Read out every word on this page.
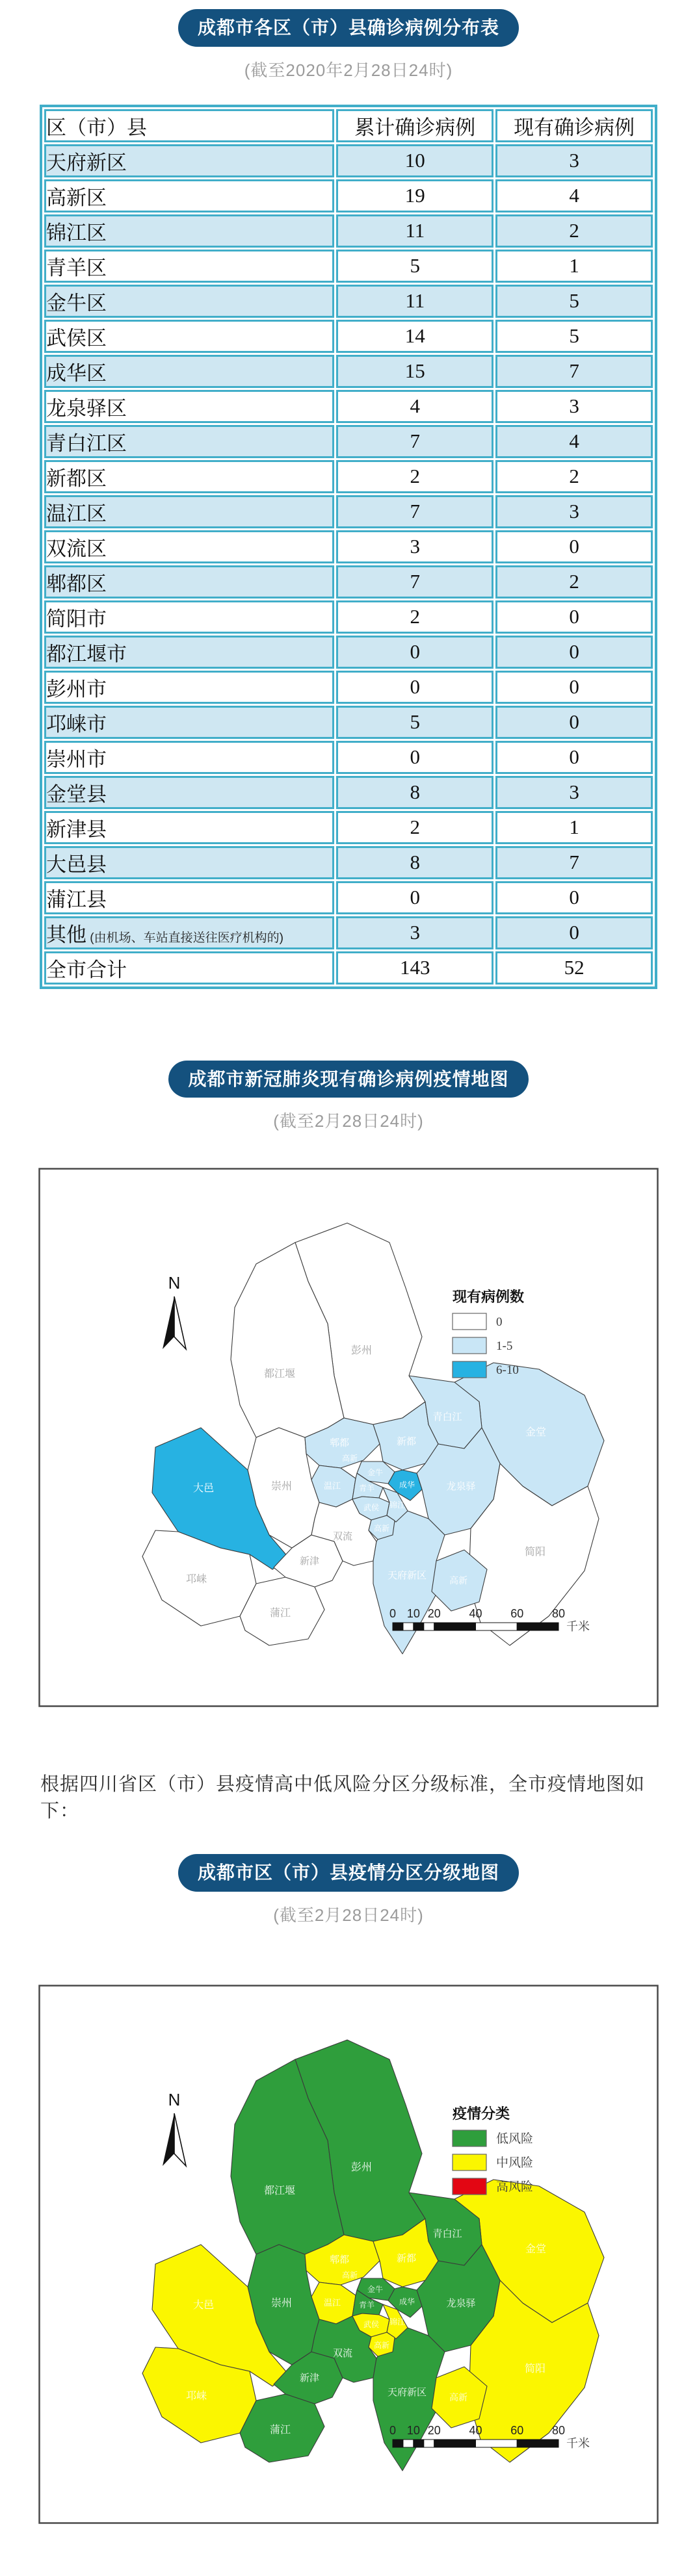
成都市各区（市）县确诊病例分布表
(截至2020年2月28日24时)
区（市）县	累计确诊病例	现有确诊病例
天府新区	10	3
高新区	19	4
锦江区	11	2
青羊区	5	1
金牛区	11	5
武侯区	14	5
成华区	15	7
龙泉驿区	4	3
青白江区	7	4
新都区	2	2
温江区	7	3
双流区	3	0
郫都区	7	2
简阳市	2	0
都江堰市	0	0
彭州市	0	0
邛崃市	5	0
崇州市	0	0
金堂县	8	3
新津县	2	1
大邑县	8	7
蒲江县	0	0
其他 (由机场、车站直接送往医疗机构的)	3	0
全市合计	143	52
成都市新冠肺炎现有确诊病例疫情地图
(截至2月28日24时)
彭州
都江堰
金堂
简阳
崇州
大邑
邛崃
蒲江
新津
郫都	新都
青白江
温江	龙泉驿
双流
天府新区
高新
金牛
成华
青羊
武侯 锦江
高新
高新
N
现有病例数
0
1-5
6-10
0 10 20 40 60 80
千米
根据四川省区（市）县疫情高中低风险分区分级标准，全市疫情地图如下：
成都市区（市）县疫情分区分级地图
(截至2月28日24时)
彭州
都江堰
金堂
简阳
崇州
大邑
邛崃
蒲江
新津
郫都	新都
青白江
温江	龙泉驿
双流
天府新区
高新
金牛
成华
青羊
武侯 锦江
高新
高新
N
疫情分类
低风险
中风险
高风险
0 10 20 40 60 80
千米
